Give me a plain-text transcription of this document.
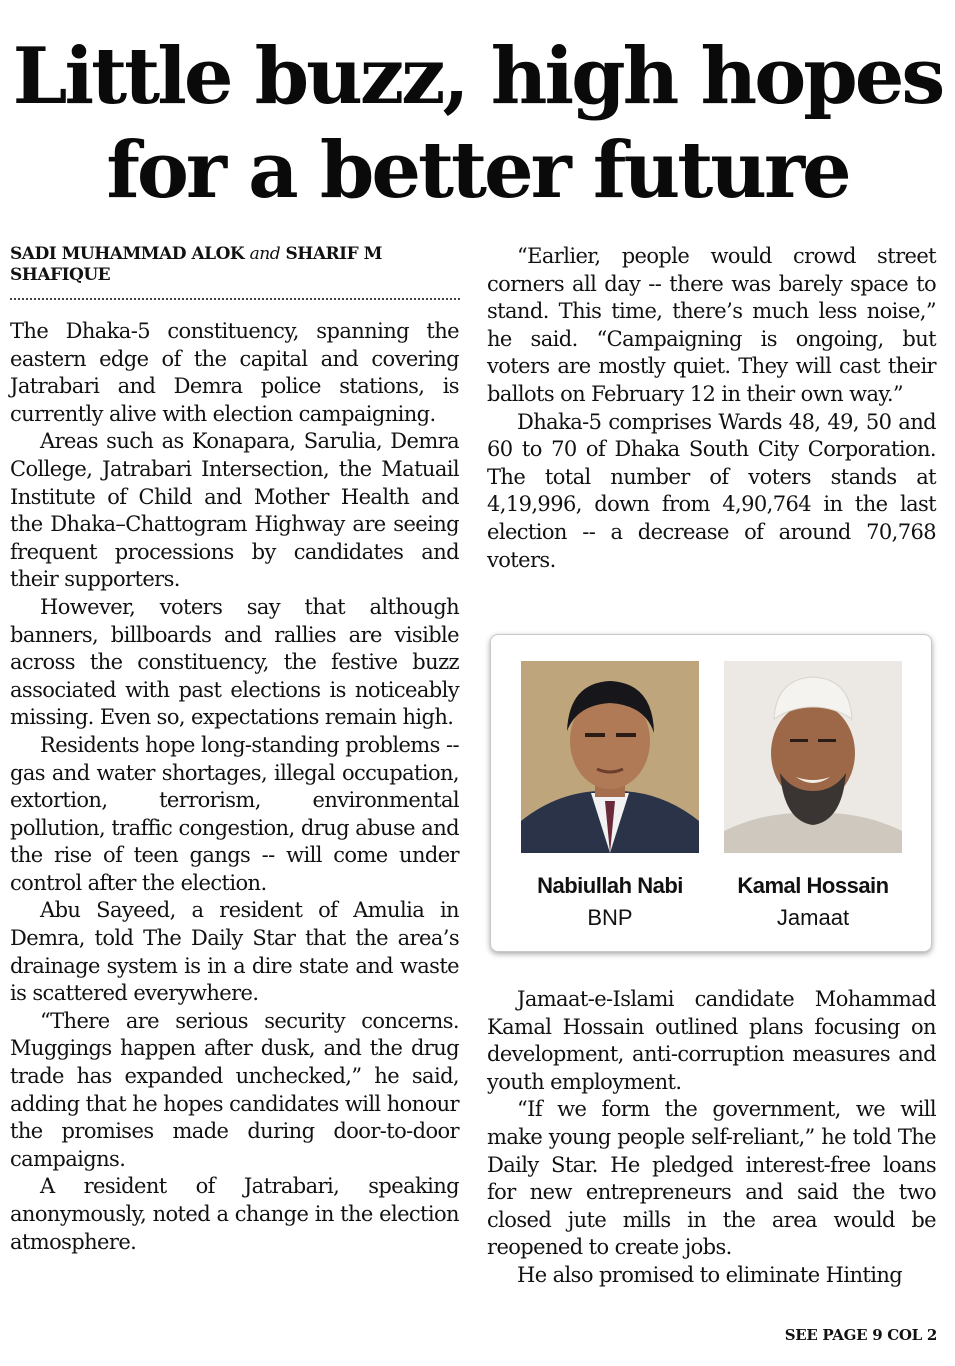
Little buzz, high hopes
for a better future
SADI MUHAMMAD ALOK and SHARIF M SHAFIQUE

The Dhaka-5 constituency, spanning the eastern edge of the capital and covering Jatrabari and Demra police stations, is currently alive with election campaigning.

Areas such as Konapara, Sarulia, Demra College, Jatrabari Intersection, the Matuail Institute of Child and Mother Health and the Dhaka–Chattogram Highway are seeing frequent processions by candidates and their supporters.

However, voters say that although banners, billboards and rallies are visible across the constituency, the festive buzz associated with past elections is noticeably missing. Even so, expectations remain high.

Residents hope long-standing problems -- gas and water shortages, illegal occupation, extortion, terrorism, environmental pollution, traffic congestion, drug abuse and the rise of teen gangs -- will come under control after the election.

Abu Sayeed, a resident of Amulia in Demra, told The Daily Star that the area’s drainage system is in a dire state and waste is scattered everywhere.

“There are serious security concerns. Muggings happen after dusk, and the drug trade has expanded unchecked,” he said, adding that he hopes candidates will honour the promises made during door-to-door campaigns.

A resident of Jatrabari, speaking anonymously, noted a change in the election atmosphere.

“Earlier, people would crowd street corners all day -- there was barely space to stand. This time, there’s much less noise,” he said. “Campaigning is ongoing, but voters are mostly quiet. They will cast their ballots on February 12 in their own way.”

Dhaka-5 comprises Wards 48, 49, 50 and 60 to 70 of Dhaka South City Corporation. The total number of voters stands at 4,19,996, down from 4,90,764 in the last election -- a decrease of around 70,768 voters.

Nabiullah Nabi
BNP
Kamal Hossain
Jamaat

Jamaat-e-Islami candidate Mohammad Kamal Hossain outlined plans focusing on development, anti-corruption measures and youth employment.

“If we form the government, we will make young people self-reliant,” he told The Daily Star. He pledged interest-free loans for new entrepreneurs and said the two closed jute mills in the area would be reopened to create jobs.

He also promised to eliminate Hinting

SEE PAGE 9 COL 2
